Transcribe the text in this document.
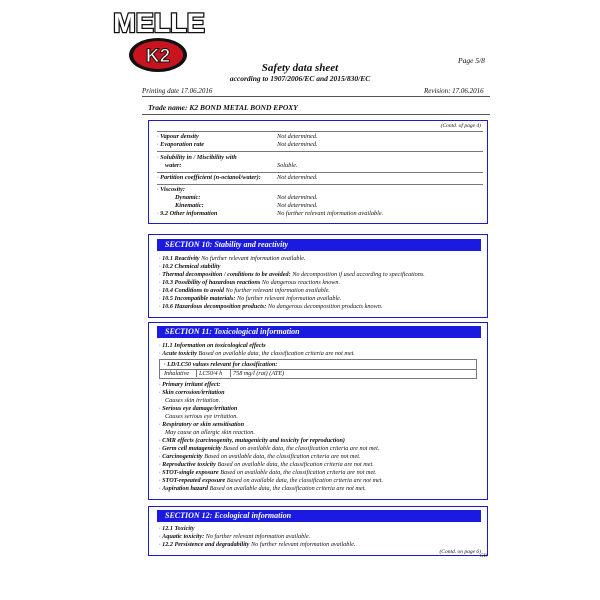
MELLE
K2	Page 5/8
Safety data sheet
according to 1907/2006/EC and 2015/830/EC
Printing date 17.06.2016	Revision: 17.06.2016
Trade name: K2 BOND METAL BOND EPOXY
(Contd. of page 4)
· Vapour density	Not determined.
· Evaporation rate	Not determined.
· Solubility in / Miscibility with
water:	Soluble.
· Partition coefficient (n-octanol/water):	Not determined.
· Viscosity:
Dynamic:	Not determined.
Kinematic:	Not determined.
· 9.2 Other information	No further relevant information available.
SECTION 10: Stability and reactivity
· 10.1 Reactivity No further relevant information available.
· 10.2 Chemical stability
· Thermal decomposition / conditions to be avoided: No decomposition if used according to specifications.
· 10.3 Possibility of hazardous reactions No dangerous reactions known.
· 10.4 Conditions to avoid No further relevant information available.
· 10.5 Incompatible materials: No further relevant information available.
· 10.6 Hazardous decomposition products: No dangerous decomposition products known.
SECTION 11: Toxicological information
· 11.1 Information on toxicological effects
· Acute toxicity Based on available data, the classification criteria are not met.
· LD/LC50 values relevant for classification:
Inhalative	LC50/4 h	758 mg/l (rat) (ATE)
· Primary irritant effect:
· Skin corrosion/irritation
Causes skin irritation.
· Serious eye damage/irritation
Causes serious eye irritation.
· Respiratory or skin sensitisation
May cause an allergic skin reaction.
· CMR effects (carcinogenity, mutagenicity and toxicity for reproduction)
· Germ cell mutagenicity Based on available data, the classification criteria are not met.
· Carcinogenicity Based on available data, the classification criteria are not met.
· Reproductive toxicity Based on available data, the classification criteria are not met.
· STOT-single exposure Based on available data, the classification criteria are not met.
· STOT-repeated exposure Based on available data, the classification criteria are not met.
· Aspiration hazard Based on available data, the classification criteria are not met.
SECTION 12: Ecological information
· 12.1 Toxicity
· Aquatic toxicity: No further relevant information available.
· 12.2 Persistence and degradability No further relevant information available.
(Contd. on page 6)
GB
